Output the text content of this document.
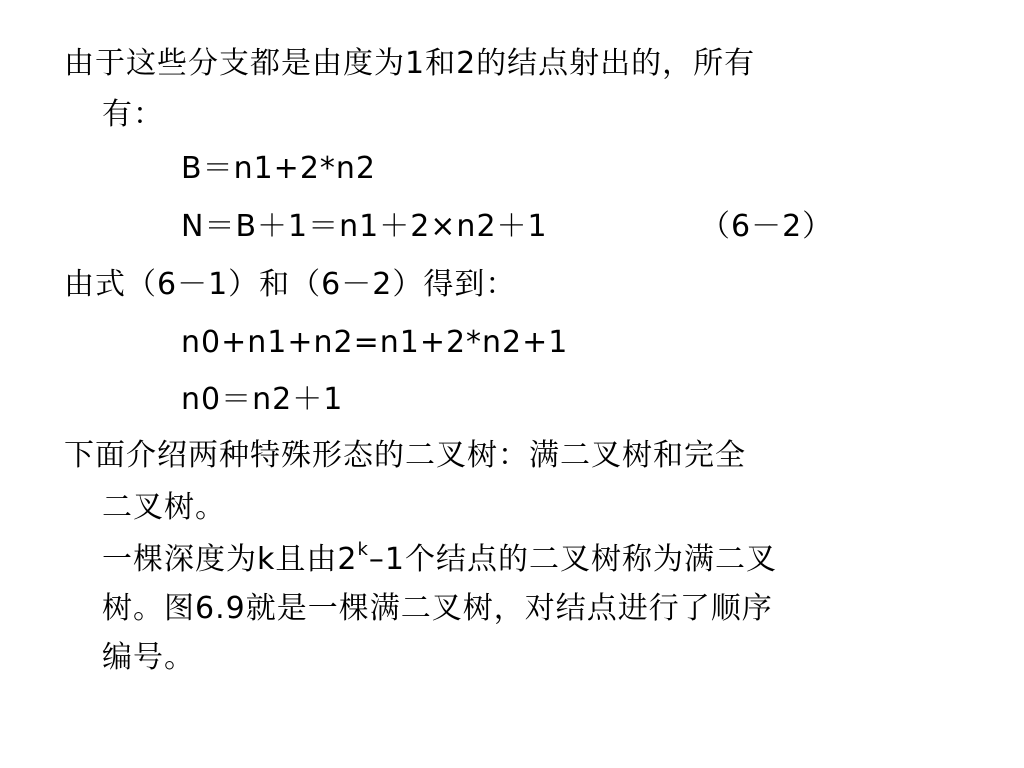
由于这些分支都是由度为1和2的结点射出的，所有
有：
B＝n1+2*n2
N＝B＋1＝n1＋2×n2＋1	（6－2）
由式（6－1）和（6－2）得到：
n0+n1+n2=n1+2*n2+1
n0＝n2＋1
下面介绍两种特殊形态的二叉树：满二叉树和完全
二叉树。
一棵深度为k且由2$^k$–1个结点的二叉树称为满二叉
树。图6.9就是一棵满二叉树，对结点进行了顺序
编号。
